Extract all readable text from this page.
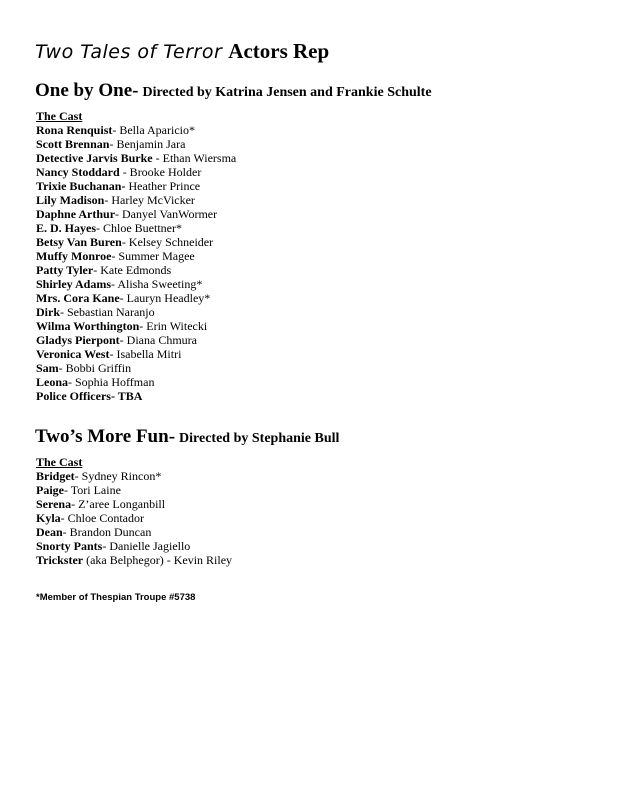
Two Tales of Terror Actors Rep
One by One- Directed by Katrina Jensen and Frankie Schulte
The Cast
Rona Renquist- Bella Aparicio*
Scott Brennan- Benjamin Jara
Detective Jarvis Burke - Ethan Wiersma
Nancy Stoddard - Brooke Holder
Trixie Buchanan- Heather Prince
Lily Madison- Harley McVicker
Daphne Arthur- Danyel VanWormer
E. D. Hayes- Chloe Buettner*
Betsy Van Buren- Kelsey Schneider
Muffy Monroe- Summer Magee
Patty Tyler- Kate Edmonds
Shirley Adams- Alisha Sweeting*
Mrs. Cora Kane- Lauryn Headley*
Dirk- Sebastian Naranjo
Wilma Worthington- Erin Witecki
Gladys Pierpont- Diana Chmura
Veronica West- Isabella Mitri
Sam- Bobbi Griffin
Leona- Sophia Hoffman
Police Officers- TBA
Two’s More Fun- Directed by Stephanie Bull
The Cast
Bridget- Sydney Rincon*
Paige- Tori Laine
Serena- Z’aree Longanbill
Kyla- Chloe Contador
Dean- Brandon Duncan
Snorty Pants- Danielle Jagiello
Trickster (aka Belphegor) - Kevin Riley
*Member of Thespian Troupe #5738
